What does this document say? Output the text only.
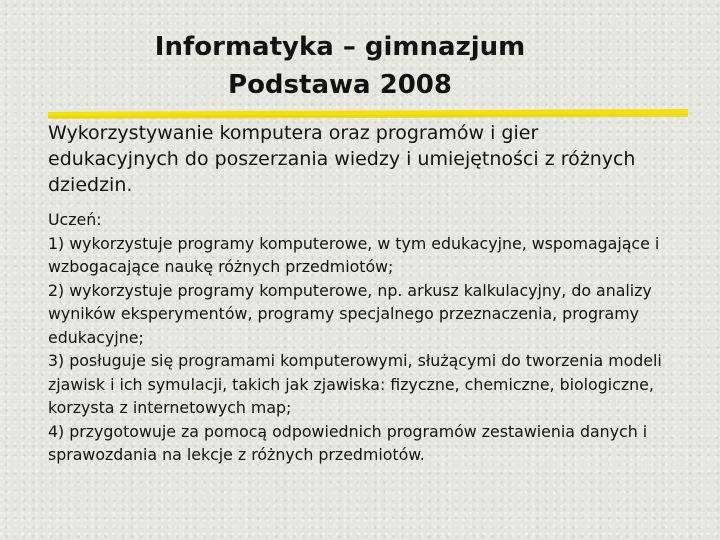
Informatyka – gimnazjum
Podstawa 2008
Wykorzystywanie komputera oraz programów i gier edukacyjnych do poszerzania wiedzy i umiejętności z różnych dziedzin.

Uczeń:

1) wykorzystuje programy komputerowe, w tym edukacyjne, wspomagające i wzbogacające naukę różnych przedmiotów;

2) wykorzystuje programy komputerowe, np. arkusz kalkulacyjny, do analizy wyników eksperymentów, programy specjalnego przeznaczenia, programy edukacyjne;

3) posługuje się programami komputerowymi, służącymi do tworzenia modeli zjawisk i ich symulacji, takich jak zjawiska: fizyczne, chemiczne, biologiczne, korzysta z internetowych map;

4) przygotowuje za pomocą odpowiednich programów zestawienia danych i sprawozdania na lekcje z różnych przedmiotów.
